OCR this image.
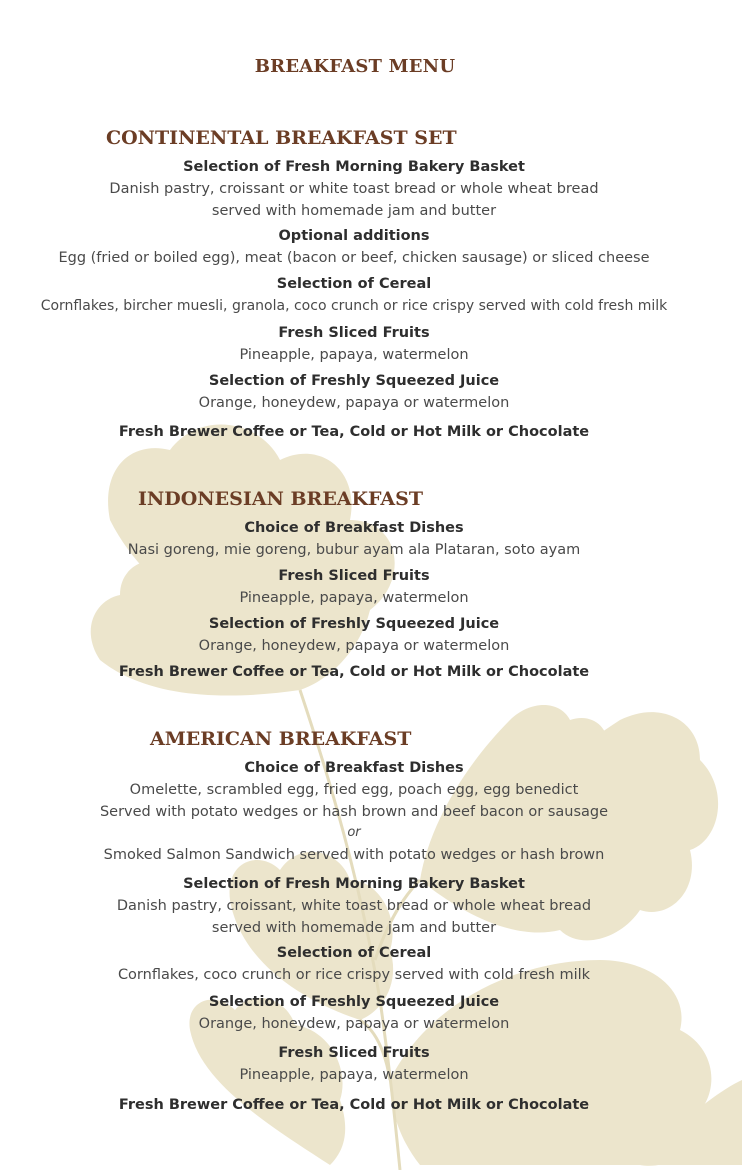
BREAKFAST MENU
CONTINENTAL BREAKFAST SET
Selection of Fresh Morning Bakery Basket
Danish pastry, croissant or white toast bread or whole wheat bread
served with homemade jam and butter
Optional additions
Egg (fried or boiled egg), meat (bacon or beef, chicken sausage) or sliced cheese
Selection of Cereal
Cornflakes, bircher muesli, granola, coco crunch or rice crispy served with cold fresh milk
Fresh Sliced Fruits
Pineapple, papaya, watermelon
Selection of Freshly Squeezed Juice
Orange, honeydew, papaya or watermelon
Fresh Brewer Coffee or Tea, Cold or Hot Milk or Chocolate
INDONESIAN BREAKFAST
Choice of Breakfast Dishes
Nasi goreng, mie goreng, bubur ayam ala Plataran, soto ayam
Fresh Sliced Fruits
Pineapple, papaya, watermelon
Selection of Freshly Squeezed Juice
Orange, honeydew, papaya or watermelon
Fresh Brewer Coffee or Tea, Cold or Hot Milk or Chocolate
AMERICAN BREAKFAST
Choice of Breakfast Dishes
Omelette, scrambled egg, fried egg, poach egg, egg benedict
Served with potato wedges or hash brown and beef bacon or sausage
or
Smoked Salmon Sandwich served with potato wedges or hash brown
Selection of Fresh Morning Bakery Basket
Danish pastry, croissant, white toast bread or whole wheat bread
served with homemade jam and butter
Selection of Cereal
Cornflakes, coco crunch or rice crispy served with cold fresh milk
Selection of Freshly Squeezed Juice
Orange, honeydew, papaya or watermelon
Fresh Sliced Fruits
Pineapple, papaya, watermelon
Fresh Brewer Coffee or Tea, Cold or Hot Milk or Chocolate
